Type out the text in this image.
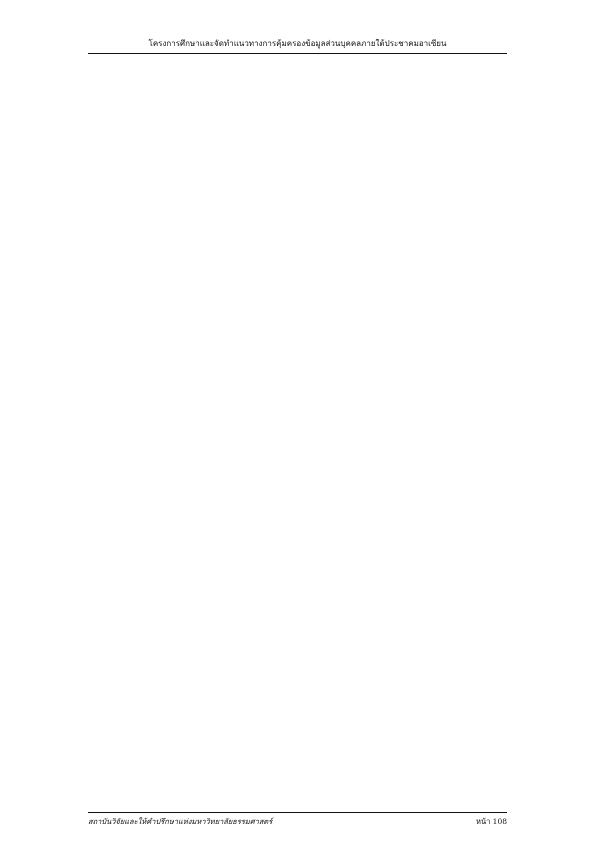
โครงการศึกษาและจัดทำแนวทางการคุ้มครองข้อมูลส่วนบุคคลภายใต้ประชาคมอาเซียน

สถาบันวิจัยและให้คำปรึกษาแห่งมหาวิทยาลัยธรรมศาสตร์	หน้า 108
